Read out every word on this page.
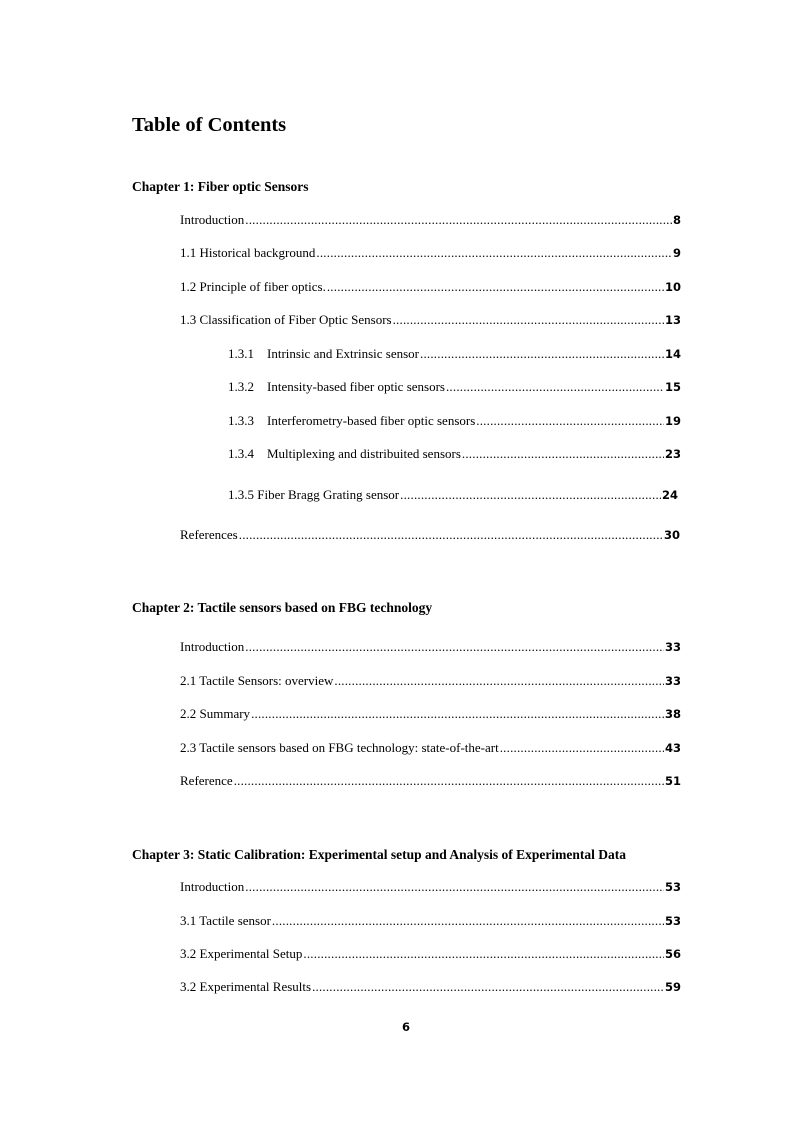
Table of Contents
Chapter 1: Fiber optic Sensors
Introduction .....	8
1.1 Historical background .....	9
1.2 Principle of fiber optics. .....	10
1.3 Classification of Fiber Optic Sensors .....	13
1.3.1 Intrinsic and Extrinsic sensor .....	14
1.3.2 Intensity-based fiber optic sensors .....	15
1.3.3 Interferometry-based fiber optic sensors .....	19
1.3.4 Multiplexing and distribuited sensors .....	23
1.3.5 Fiber Bragg Grating sensor .....	24
References .....	30
Chapter 2: Tactile sensors based on FBG technology
Introduction .....	33
2.1 Tactile Sensors: overview .....	33
2.2 Summary .....	38
2.3 Tactile sensors based on FBG technology: state-of-the-art .....	43
Reference .....	51
Chapter 3: Static Calibration: Experimental setup and Analysis of Experimental Data
Introduction .....	53
3.1 Tactile sensor .....	53
3.2 Experimental Setup .....	56
3.2 Experimental Results .....	59
6
